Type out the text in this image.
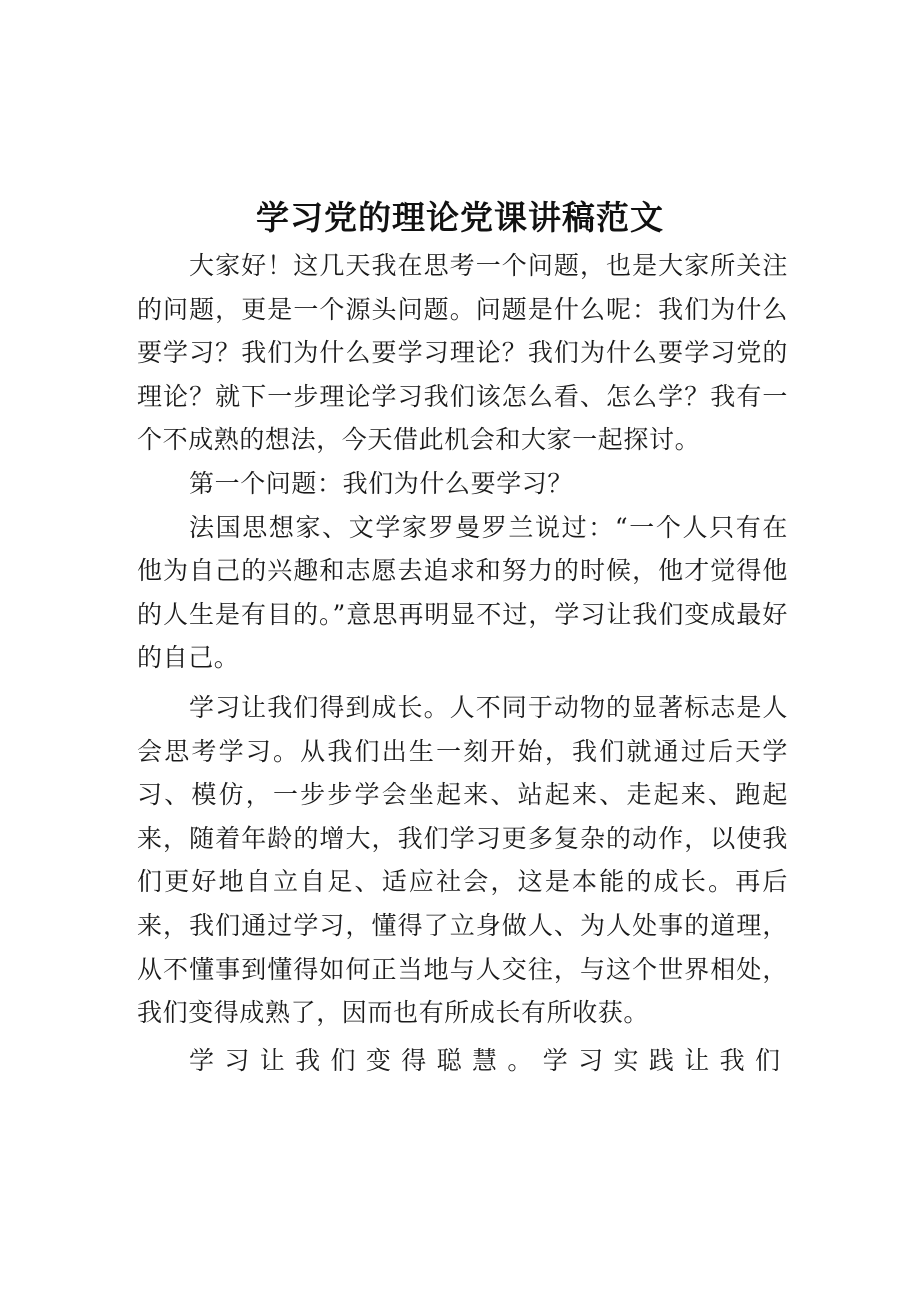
学习党的理论党课讲稿范文

大家好！这几天我在思考一个问题，也是大家所关注的问题，更是一个源头问题。问题是什么呢：我们为什么要学习？我们为什么要学习理论？我们为什么要学习党的理论？就下一步理论学习我们该怎么看、怎么学？我有一个不成熟的想法，今天借此机会和大家一起探讨。

第一个问题：我们为什么要学习？

法国思想家、文学家罗曼罗兰说过：“一个人只有在他为自己的兴趣和志愿去追求和努力的时候，他才觉得他的人生是有目的。”意思再明显不过，学习让我们变成最好的自己。

学习让我们得到成长。人不同于动物的显著标志是人会思考学习。从我们出生一刻开始，我们就通过后天学习、模仿，一步步学会坐起来、站起来、走起来、跑起来，随着年龄的增大，我们学习更多复杂的动作，以使我们更好地自立自足、适应社会，这是本能的成长。再后来，我们通过学习，懂得了立身做人、为人处事的道理，从不懂事到懂得如何正当地与人交往，与这个世界相处，我们变得成熟了，因而也有所成长有所收获。

学习让我们变得聪慧。学习实践让我们
